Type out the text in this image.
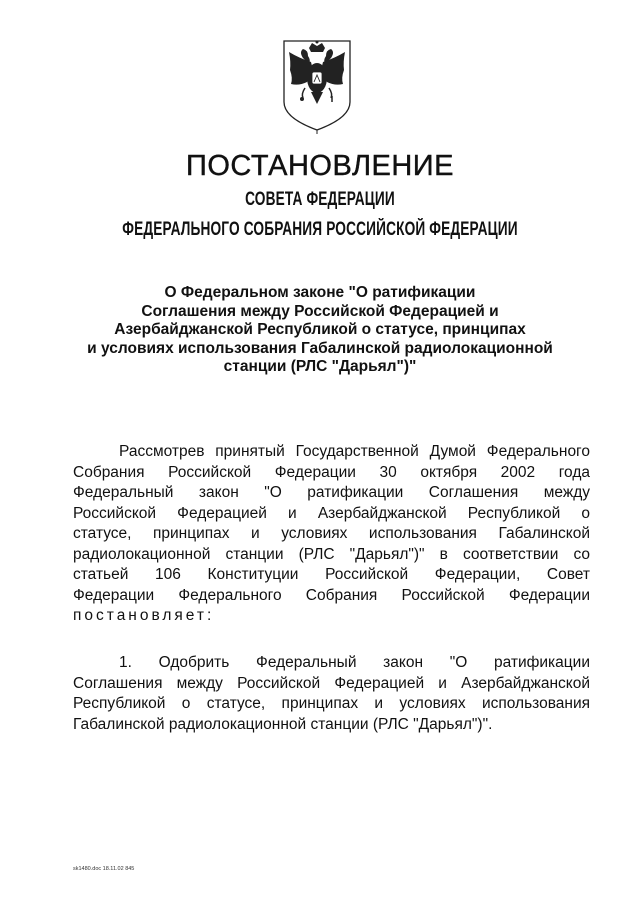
ПОСТАНОВЛЕНИЕ
СОВЕТА ФЕДЕРАЦИИ
ФЕДЕРАЛЬНОГО СОБРАНИЯ РОССИЙСКОЙ ФЕДЕРАЦИИ
О Федеральном законе "О ратификации
Соглашения между Российской Федерацией и
Азербайджанской Республикой о статусе, принципах
и условиях использования Габалинской радиолокационной
станции (РЛС "Дарьял")"
Рассмотрев принятый Государственной Думой Федерального
Собрания Российской Федерации 30 октября 2002 года
Федеральный закон "О ратификации Соглашения между
Российской Федерацией и Азербайджанской Республикой о
статусе, принципах и условиях использования Габалинской
радиолокационной станции (РЛС "Дарьял")" в соответствии со
статьей 106 Конституции Российской Федерации, Совет
Федерации Федерального Собрания Российской Федерации
постановляет:
1. Одобрить Федеральный закон "О ратификации
Соглашения между Российской Федерацией и Азербайджанской
Республикой о статусе, принципах и условиях использования
Габалинской радиолокационной станции (РЛС "Дарьял")".
sk1480.doc 18.11.02 845
